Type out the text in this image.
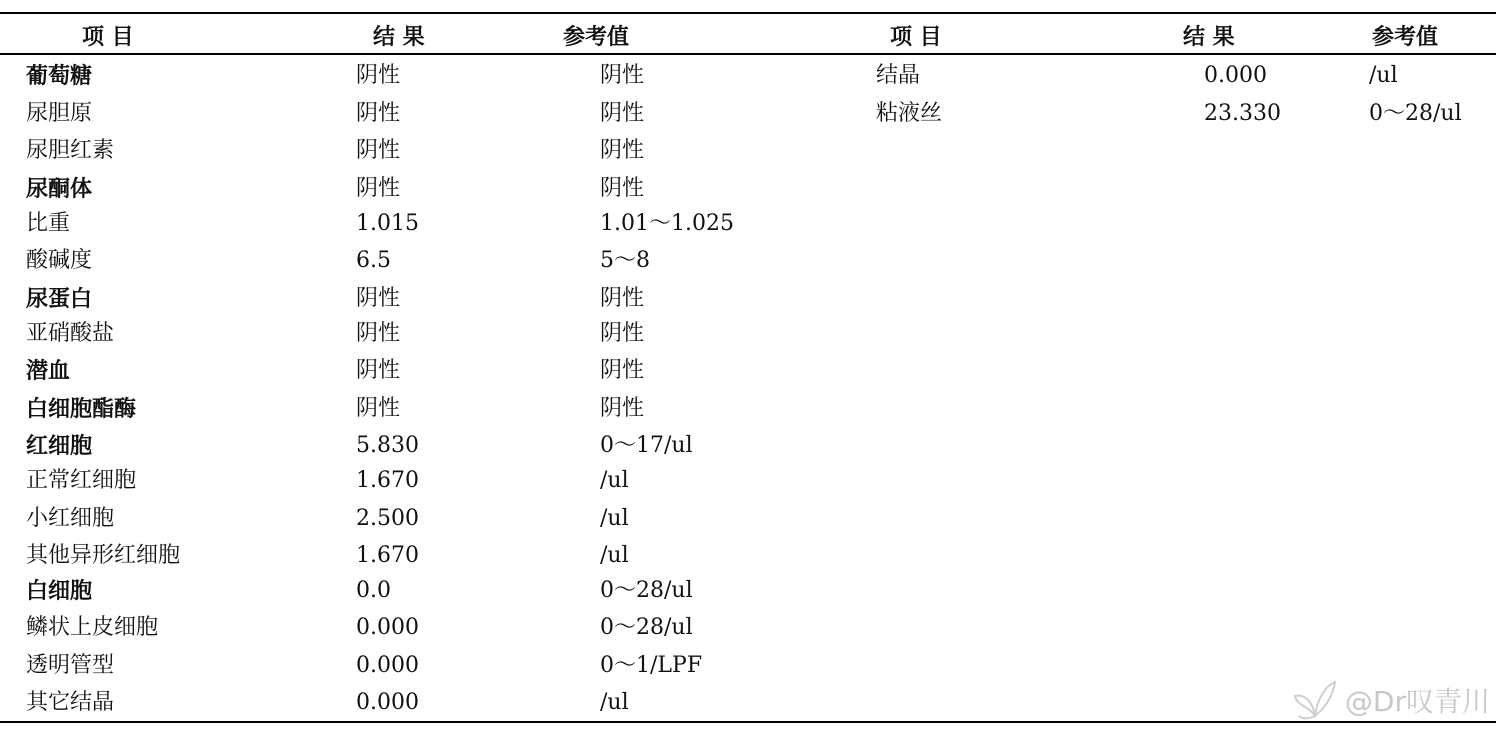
项 目	结 果	参考值	项 目	结 果	参考值
葡萄糖	阴性	阴性
尿胆原	阴性	阴性
尿胆红素	阴性	阴性
尿酮体	阴性	阴性
比重	1.015	1.01～1.025
酸碱度	6.5	5～8
尿蛋白	阴性	阴性
亚硝酸盐	阴性	阴性
潜血	阴性	阴性
白细胞酯酶	阴性	阴性
红细胞	5.830	0～17/ul
正常红细胞	1.670	/ul
小红细胞	2.500	/ul
其他异形红细胞	1.670	/ul
白细胞	0.0	0～28/ul
鳞状上皮细胞	0.000	0～28/ul
透明管型	0.000	0～1/LPF
其它结晶	0.000	/ul
结晶	0.000	/ul
粘液丝	23.330	0～28/ul
@Dr叹青川
